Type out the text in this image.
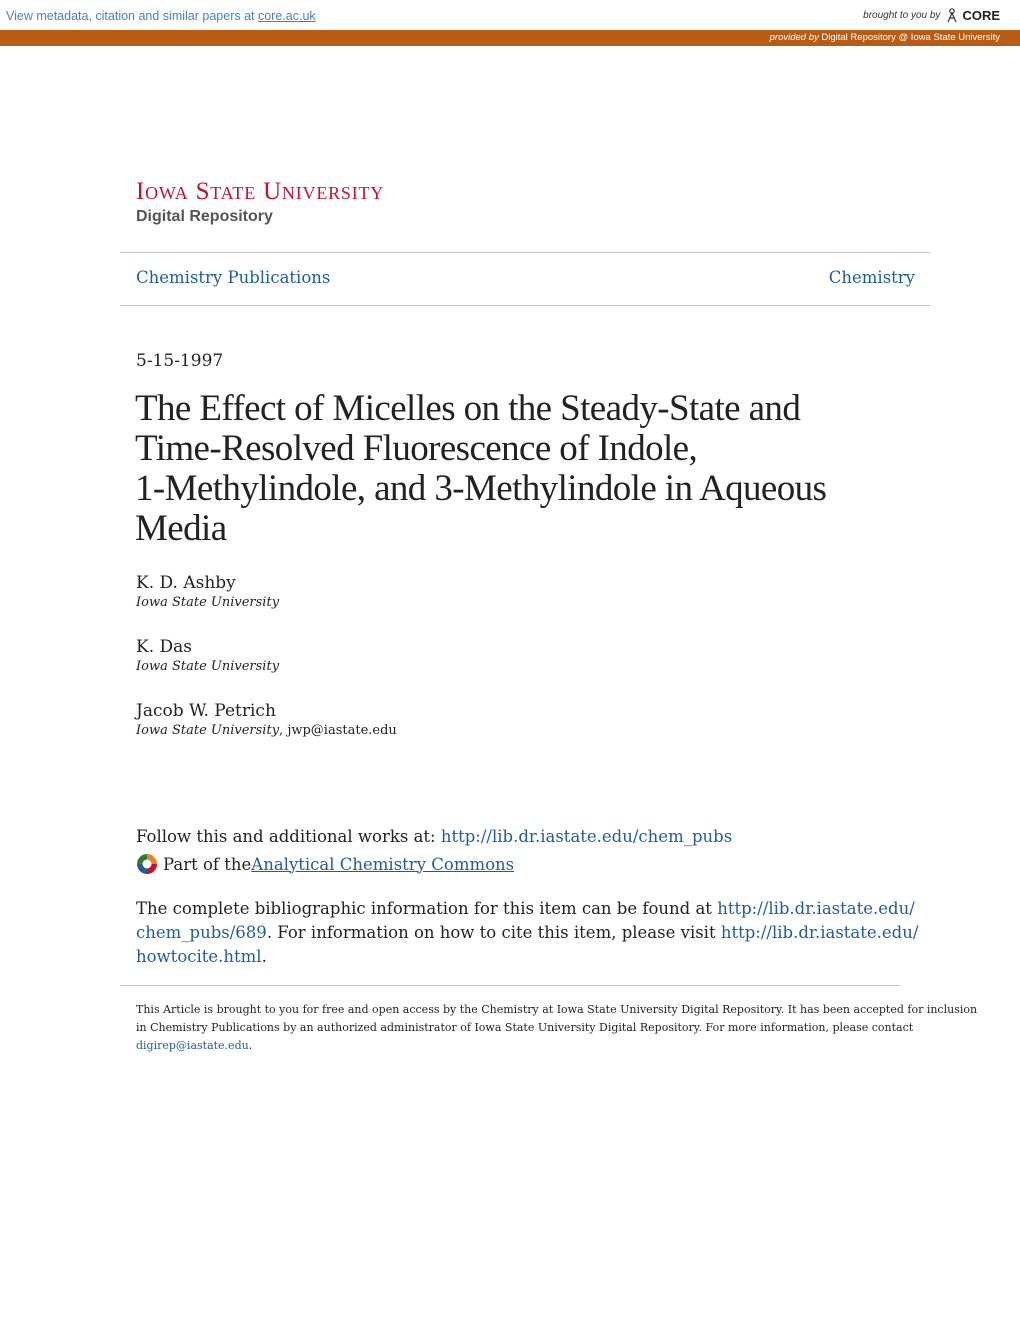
View metadata, citation and similar papers at core.ac.uk	brought to you by CORE
provided by Digital Repository @ Iowa State University
Iowa State University
Digital Repository
Chemistry Publications	Chemistry
5-15-1997
The Effect of Micelles on the Steady-State and
Time-Resolved Fluorescence of Indole,
1-Methylindole, and 3-Methylindole in Aqueous
Media
K. D. Ashby
Iowa State University
K. Das
Iowa State University
Jacob W. Petrich
Iowa State University, jwp@iastate.edu
Follow this and additional works at: http://lib.dr.iastate.edu/chem_pubs
Part of the Analytical Chemistry Commons
The complete bibliographic information for this item can be found at http://lib.dr.iastate.edu/
chem_pubs/689. For information on how to cite this item, please visit http://lib.dr.iastate.edu/
howtocite.html.
This Article is brought to you for free and open access by the Chemistry at Iowa State University Digital Repository. It has been accepted for inclusion
in Chemistry Publications by an authorized administrator of Iowa State University Digital Repository. For more information, please contact
digirep@iastate.edu.
